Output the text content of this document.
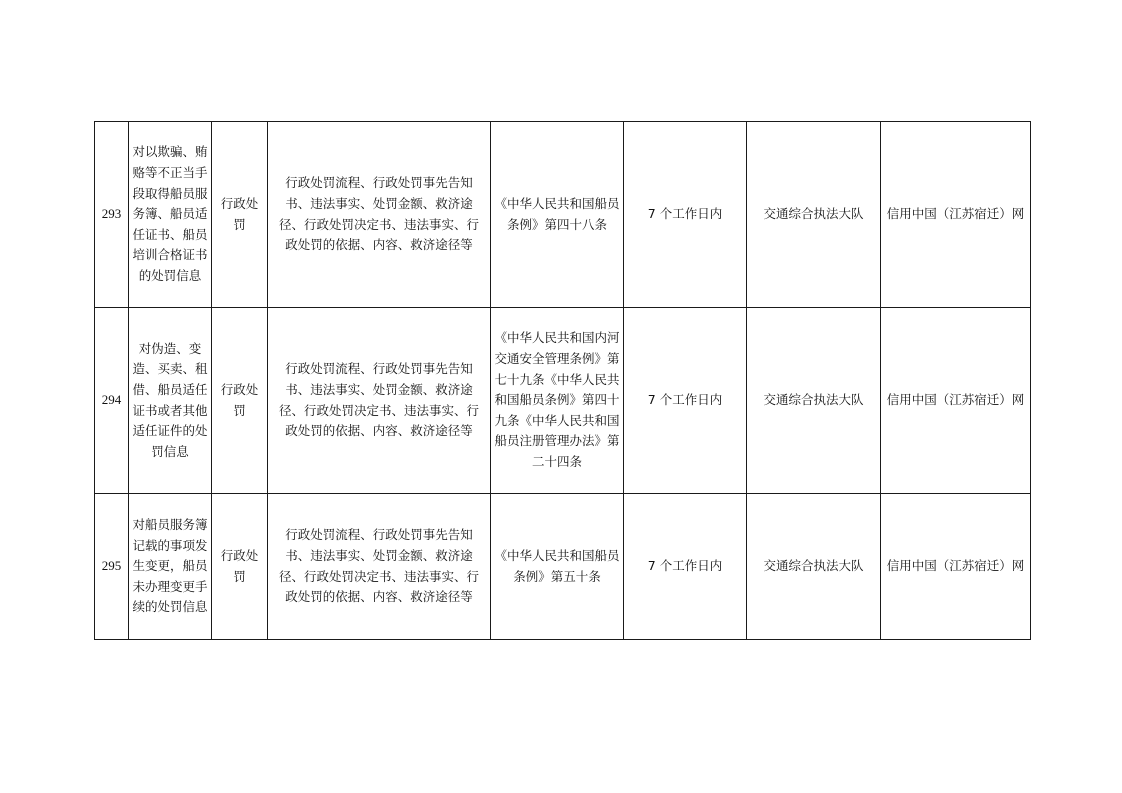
293	对以欺骗、贿赂等不正当手段取得船员服务簿、船员适任证书、船员培训合格证书的处罚信息	行政处罚	行政处罚流程、行政处罚事先告知书、违法事实、处罚金额、救济途径、行政处罚决定书、违法事实、行政处罚的依据、内容、救济途径等	《中华人民共和国船员条例》第四十八条	7 个工作日内	交通综合执法大队	信用中国（江苏宿迁）网
294	对伪造、变造、买卖、租借、船员适任证书或者其他适任证件的处罚信息	行政处罚	行政处罚流程、行政处罚事先告知书、违法事实、处罚金额、救济途径、行政处罚决定书、违法事实、行政处罚的依据、内容、救济途径等	《中华人民共和国内河交通安全管理条例》第七十九条《中华人民共和国船员条例》第四十九条《中华人民共和国船员注册管理办法》第二十四条	7 个工作日内	交通综合执法大队	信用中国（江苏宿迁）网
295	对船员服务簿记载的事项发生变更，船员未办理变更手续的处罚信息	行政处罚	行政处罚流程、行政处罚事先告知书、违法事实、处罚金额、救济途径、行政处罚决定书、违法事实、行政处罚的依据、内容、救济途径等	《中华人民共和国船员条例》第五十条	7 个工作日内	交通综合执法大队	信用中国（江苏宿迁）网
